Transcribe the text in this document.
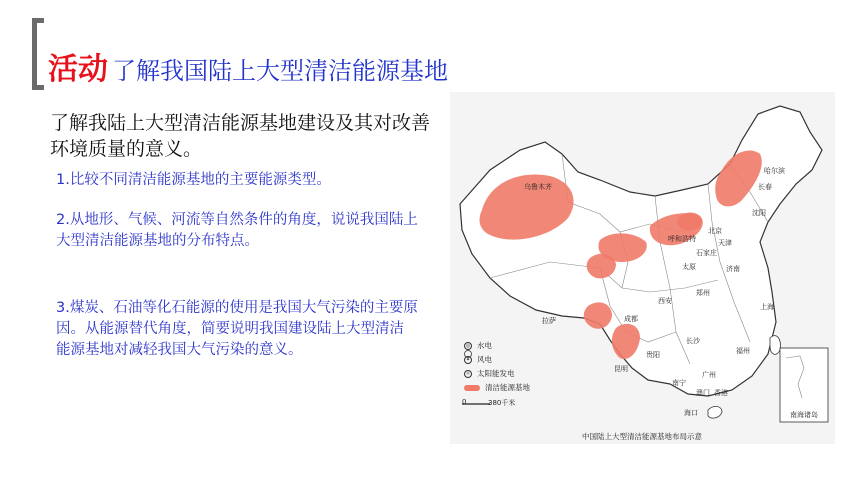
活动 了解我国陆上大型清洁能源基地
了解我陆上大型清洁能源基地建设及其对改善环境质量的意义。
1.比较不同清洁能源基地的主要能源类型。
2.从地形、气候、河流等自然条件的角度，说说我国陆上大型清洁能源基地的分布特点。
3.煤炭、石油等化石能源的使用是我国大气污染的主要原因。从能源替代角度，简要说明我国建设陆上大型清洁能源基地对减轻我国大气污染的意义。
乌鲁木齐
哈尔滨
长春
沈阳
呼和浩特
北京
天津
石家庄
太原	济南
郑州
西安
拉萨	成都
上海
长沙
福州
贵阳
昆明
南宁
广州
澳门 香港
海口	南海诸岛
◎ 水电
✦ 风电
☼ 太阳能发电
清洁能源基地
0	380千米
中国陆上大型清洁能源基地布局示意
